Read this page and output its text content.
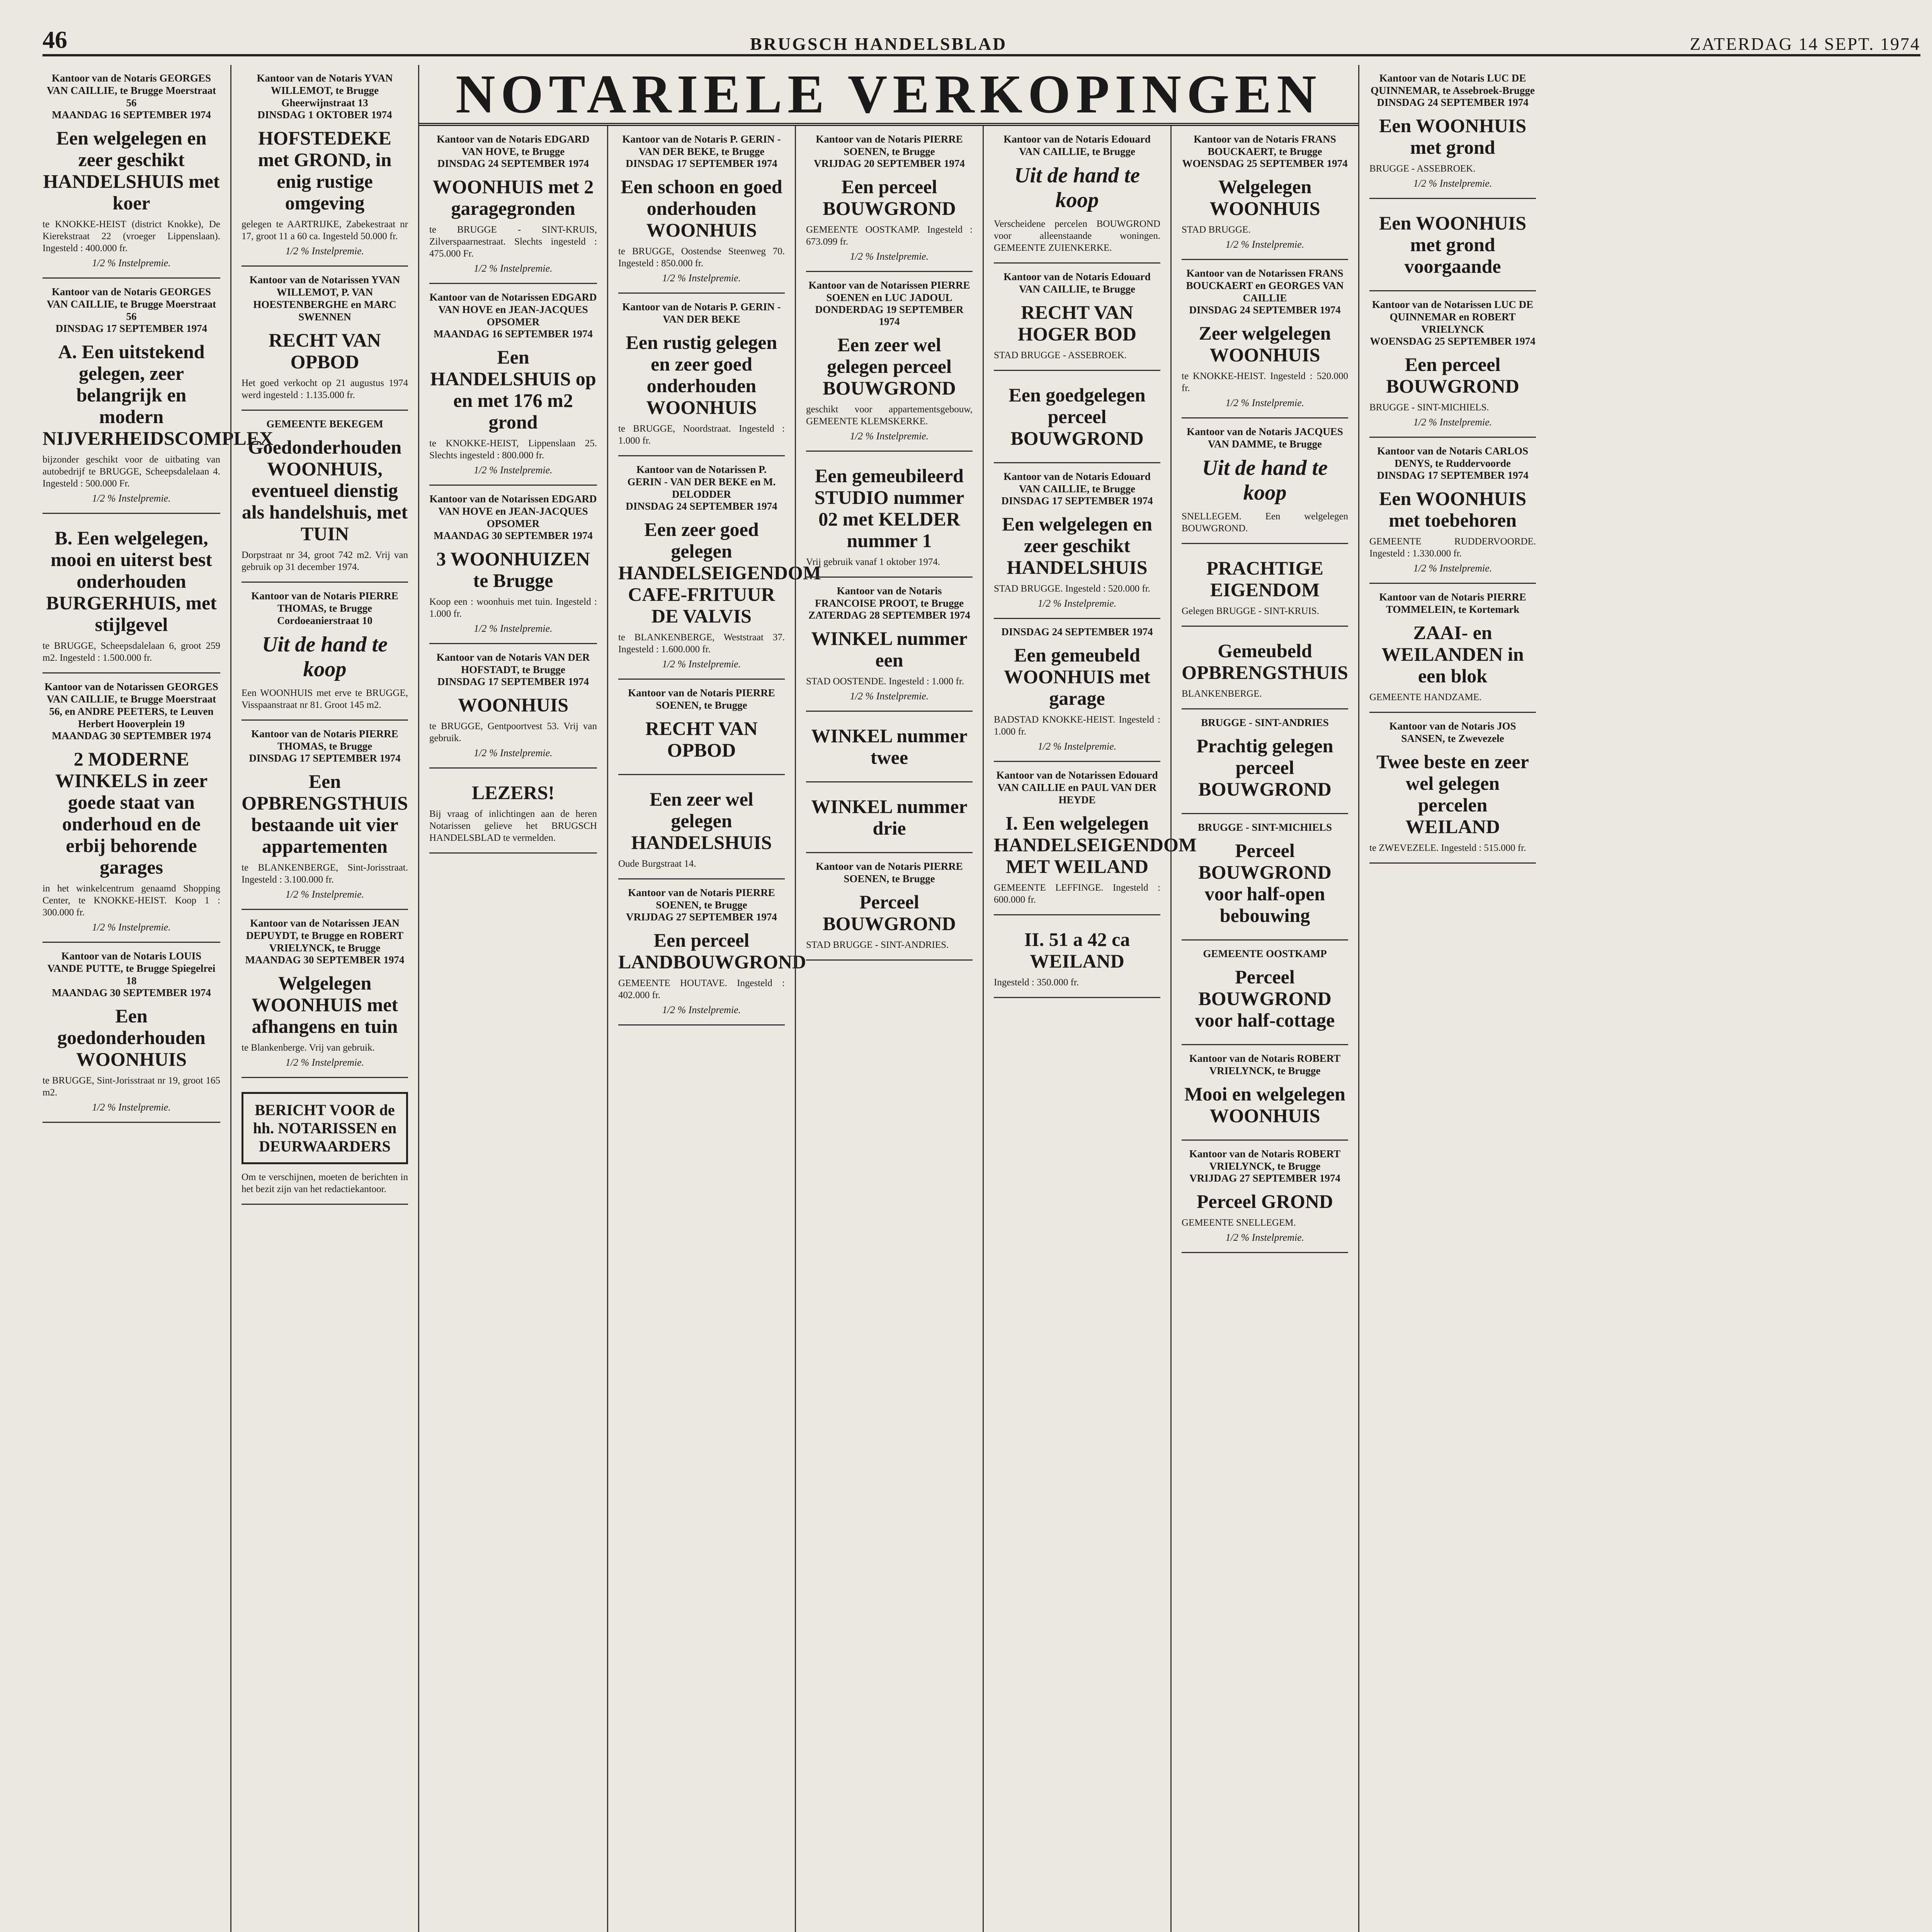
46	BRUGSCH HANDELSBLAD	ZATERDAG 14 SEPT. 1974
Kantoor van de Notaris GEORGES VAN CAILLIE, te Brugge Moerstraat 56
MAANDAG 16 SEPTEMBER 1974
Een welgelegen en zeer geschikt HANDELSHUIS met koer
te KNOKKE-HEIST (district Knokke), De Kierekstraat 22 (vroeger Lippenslaan). Ingesteld : 400.000 fr.
1/2 % Instelpremie.
Kantoor van de Notaris GEORGES VAN CAILLIE, te Brugge Moerstraat 56
DINSDAG 17 SEPTEMBER 1974
A. Een uitstekend gelegen, zeer belangrijk en modern NIJVERHEIDSCOMPLEX
bijzonder geschikt voor de uitbating van autobedrijf te BRUGGE, Scheepsdalelaan 4. Ingesteld : 500.000 Fr.
1/2 % Instelpremie.
B. Een welgelegen, mooi en uiterst best onderhouden BURGERHUIS, met stijlgevel
te BRUGGE, Scheepsdalelaan 6, groot 259 m2. Ingesteld : 1.500.000 fr.
Kantoor van de Notarissen GEORGES VAN CAILLIE, te Brugge Moerstraat 56, en ANDRE PEETERS, te Leuven Herbert Hooverplein 19
MAANDAG 30 SEPTEMBER 1974
2 MODERNE WINKELS in zeer goede staat van onderhoud en de erbij behorende garages
in het winkelcentrum genaamd Shopping Center, te KNOKKE-HEIST. Koop 1 : 300.000 fr.
1/2 % Instelpremie.
Kantoor van de Notaris LOUIS VANDE PUTTE, te Brugge Spiegelrei 18
MAANDAG 30 SEPTEMBER 1974
Een goedonderhouden WOONHUIS
te BRUGGE, Sint-Jorisstraat nr 19, groot 165 m2.
1/2 % Instelpremie.
Kantoor van de Notaris YVAN WILLEMOT, te Brugge Gheerwijnstraat 13
DINSDAG 1 OKTOBER 1974
HOFSTEDEKE met GROND, in enig rustige omgeving
gelegen te AARTRIJKE, Zabekestraat nr 17, groot 11 a 60 ca. Ingesteld 50.000 fr.
1/2 % Instelpremie.
Kantoor van de Notarissen YVAN WILLEMOT, P. VAN HOESTENBERGHE en MARC SWENNEN
RECHT VAN OPBOD
Het goed verkocht op 21 augustus 1974 werd ingesteld : 1.135.000 fr.
GEMEENTE BEKEGEM
Goedonderhouden WOONHUIS, eventueel dienstig als handelshuis, met TUIN
Dorpstraat nr 34, groot 742 m2. Vrij van gebruik op 31 december 1974.
Kantoor van de Notaris PIERRE THOMAS, te Brugge Cordoeanierstraat 10
Uit de hand te koop
Een WOONHUIS met erve te BRUGGE, Visspaanstraat nr 81. Groot 145 m2.
Kantoor van de Notaris PIERRE THOMAS, te Brugge
DINSDAG 17 SEPTEMBER 1974
Een OPBRENGSTHUIS bestaande uit vier appartementen
te BLANKENBERGE, Sint-Jorisstraat. Ingesteld : 3.100.000 fr.
1/2 % Instelpremie.
Kantoor van de Notarissen JEAN DEPUYDT, te Brugge en ROBERT VRIELYNCK, te Brugge
MAANDAG 30 SEPTEMBER 1974
Welgelegen WOONHUIS met afhangens en tuin
te Blankenberge. Vrij van gebruik.
1/2 % Instelpremie.
BERICHT VOOR de hh. NOTARISSEN en DEURWAARDERS
Om te verschijnen, moeten de berichten in het bezit zijn van het redactiekantoor.
NOTARIELE VERKOPINGEN
Kantoor van de Notaris EDGARD VAN HOVE, te Brugge
DINSDAG 24 SEPTEMBER 1974
WOONHUIS met 2 garagegronden
te BRUGGE - SINT-KRUIS, Zilverspaarnestraat. Slechts ingesteld : 475.000 Fr.
1/2 % Instelpremie.
Kantoor van de Notarissen EDGARD VAN HOVE en JEAN-JACQUES OPSOMER
MAANDAG 16 SEPTEMBER 1974
Een HANDELSHUIS op en met 176 m2 grond
te KNOKKE-HEIST, Lippenslaan 25. Slechts ingesteld : 800.000 fr.
1/2 % Instelpremie.
Kantoor van de Notarissen EDGARD VAN HOVE en JEAN-JACQUES OPSOMER
MAANDAG 30 SEPTEMBER 1974
3 WOONHUIZEN te Brugge
Koop een : woonhuis met tuin. Ingesteld : 1.000 fr.
1/2 % Instelpremie.
Kantoor van de Notaris VAN DER HOFSTADT, te Brugge
DINSDAG 17 SEPTEMBER 1974
WOONHUIS
te BRUGGE, Gentpoortvest 53. Vrij van gebruik.
1/2 % Instelpremie.
LEZERS!
Bij vraag of inlichtingen aan de heren Notarissen gelieve het BRUGSCH HANDELSBLAD te vermelden.
Kantoor van de Notaris P. GERIN - VAN DER BEKE, te Brugge
DINSDAG 17 SEPTEMBER 1974
Een schoon en goed onderhouden WOONHUIS
te BRUGGE, Oostendse Steenweg 70. Ingesteld : 850.000 fr.
1/2 % Instelpremie.
Kantoor van de Notaris P. GERIN - VAN DER BEKE
Een rustig gelegen en zeer goed onderhouden WOONHUIS
te BRUGGE, Noordstraat. Ingesteld : 1.000 fr.
Kantoor van de Notarissen P. GERIN - VAN DER BEKE en M. DELODDER
DINSDAG 24 SEPTEMBER 1974
Een zeer goed gelegen HANDELSEIGENDOM CAFE-FRITUUR DE VALVIS
te BLANKENBERGE, Weststraat 37. Ingesteld : 1.600.000 fr.
1/2 % Instelpremie.
Kantoor van de Notaris PIERRE SOENEN, te Brugge
RECHT VAN OPBOD
Een zeer wel gelegen HANDELSHUIS
Oude Burgstraat 14.
Kantoor van de Notaris PIERRE SOENEN, te Brugge
VRIJDAG 27 SEPTEMBER 1974
Een perceel LANDBOUWGROND
GEMEENTE HOUTAVE. Ingesteld : 402.000 fr.
1/2 % Instelpremie.
Kantoor van de Notaris PIERRE SOENEN, te Brugge
VRIJDAG 20 SEPTEMBER 1974
Een perceel BOUWGROND
GEMEENTE OOSTKAMP. Ingesteld : 673.099 fr.
1/2 % Instelpremie.
Kantoor van de Notarissen PIERRE SOENEN en LUC JADOUL
DONDERDAG 19 SEPTEMBER 1974
Een zeer wel gelegen perceel BOUWGROND
geschikt voor appartementsgebouw, GEMEENTE KLEMSKERKE.
1/2 % Instelpremie.
Een gemeubileerd STUDIO nummer 02 met KELDER nummer 1
Vrij gebruik vanaf 1 oktober 1974.
Kantoor van de Notaris FRANCOISE PROOT, te Brugge
ZATERDAG 28 SEPTEMBER 1974
WINKEL nummer een
STAD OOSTENDE. Ingesteld : 1.000 fr.
1/2 % Instelpremie.
WINKEL nummer twee
WINKEL nummer drie
Kantoor van de Notaris PIERRE SOENEN, te Brugge
Perceel BOUWGROND
STAD BRUGGE - SINT-ANDRIES.
Kantoor van de Notaris Edouard VAN CAILLIE, te Brugge
Uit de hand te koop
Verscheidene percelen BOUWGROND voor alleenstaande woningen. GEMEENTE ZUIENKERKE.
Kantoor van de Notaris Edouard VAN CAILLIE, te Brugge
RECHT VAN HOGER BOD
STAD BRUGGE - ASSEBROEK.
Een goedgelegen perceel BOUWGROND
Kantoor van de Notaris Edouard VAN CAILLIE, te Brugge
DINSDAG 17 SEPTEMBER 1974
Een welgelegen en zeer geschikt HANDELSHUIS
STAD BRUGGE. Ingesteld : 520.000 fr.
1/2 % Instelpremie.
DINSDAG 24 SEPTEMBER 1974
Een gemeubeld WOONHUIS met garage
BADSTAD KNOKKE-HEIST. Ingesteld : 1.000 fr.
1/2 % Instelpremie.
Kantoor van de Notarissen Edouard VAN CAILLIE en PAUL VAN DER HEYDE
I. Een welgelegen HANDELSEIGENDOM MET WEILAND
GEMEENTE LEFFINGE. Ingesteld : 600.000 fr.
II. 51 a 42 ca WEILAND
Ingesteld : 350.000 fr.
Kantoor van de Notaris FRANS BOUCKAERT, te Brugge
WOENSDAG 25 SEPTEMBER 1974
Welgelegen WOONHUIS
STAD BRUGGE.
1/2 % Instelpremie.
Kantoor van de Notarissen FRANS BOUCKAERT en GEORGES VAN CAILLIE
DINSDAG 24 SEPTEMBER 1974
Zeer welgelegen WOONHUIS
te KNOKKE-HEIST. Ingesteld : 520.000 fr.
1/2 % Instelpremie.
Kantoor van de Notaris JACQUES VAN DAMME, te Brugge
Uit de hand te koop
SNELLEGEM. Een welgelegen BOUWGROND.
PRACHTIGE EIGENDOM
Gelegen BRUGGE - SINT-KRUIS.
Gemeubeld OPBRENGSTHUIS
BLANKENBERGE.
BRUGGE - SINT-ANDRIES
Prachtig gelegen perceel BOUWGROND
BRUGGE - SINT-MICHIELS
Perceel BOUWGROND voor half-open bebouwing
GEMEENTE OOSTKAMP
Perceel BOUWGROND voor half-cottage
Kantoor van de Notaris ROBERT VRIELYNCK, te Brugge
Mooi en welgelegen WOONHUIS
Kantoor van de Notaris ROBERT VRIELYNCK, te Brugge
VRIJDAG 27 SEPTEMBER 1974
Perceel GROND
GEMEENTE SNELLEGEM.
1/2 % Instelpremie.
Kantoor van de Notaris LUC DE QUINNEMAR, te Assebroek-Brugge
DINSDAG 24 SEPTEMBER 1974
Een WOONHUIS met grond
BRUGGE - ASSEBROEK.
1/2 % Instelpremie.
Een WOONHUIS met grond voorgaande
Kantoor van de Notarissen LUC DE QUINNEMAR en ROBERT VRIELYNCK
WOENSDAG 25 SEPTEMBER 1974
Een perceel BOUWGROND
BRUGGE - SINT-MICHIELS.
1/2 % Instelpremie.
Kantoor van de Notaris CARLOS DENYS, te Ruddervoorde
DINSDAG 17 SEPTEMBER 1974
Een WOONHUIS met toebehoren
GEMEENTE RUDDERVOORDE. Ingesteld : 1.330.000 fr.
1/2 % Instelpremie.
Kantoor van de Notaris PIERRE TOMMELEIN, te Kortemark
ZAAI- en WEILANDEN in een blok
GEMEENTE HANDZAME.
Kantoor van de Notaris JOS SANSEN, te Zwevezele
Twee beste en zeer wel gelegen percelen WEILAND
te ZWEVEZELE. Ingesteld : 515.000 fr.
